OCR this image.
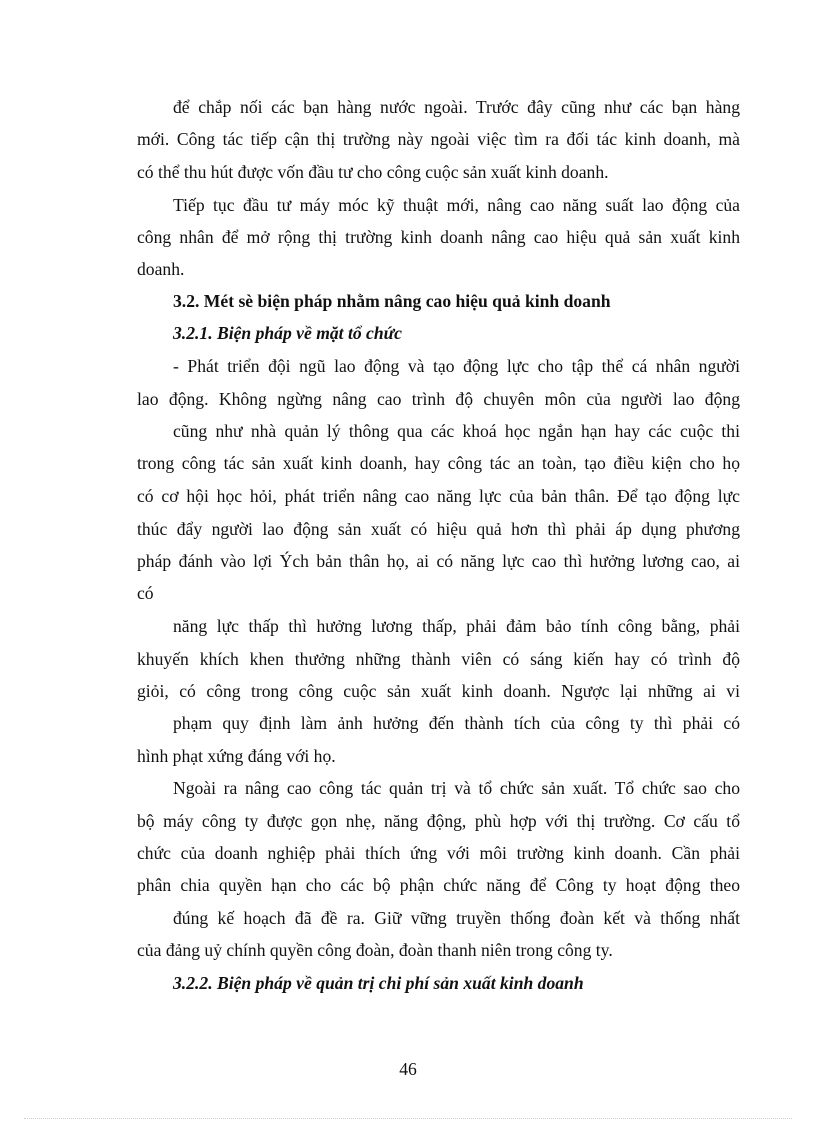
để chắp nối các bạn hàng nước ngoài. Trước đây cũng như các bạn hàng
mới. Công tác tiếp cận thị trường này ngoài việc tìm ra đối tác kinh doanh, mà
có thể thu hút được vốn đầu tư cho công cuộc sản xuất kinh doanh.
Tiếp tục đầu tư máy móc kỹ thuật mới, nâng cao năng suất lao động của
công nhân để mở rộng thị trường kinh doanh nâng cao hiệu quả sản xuất kinh
doanh.
3.2. Mét sè biện pháp nhằm nâng cao hiệu quả kinh doanh
3.2.1. Biện pháp về mặt tổ chức
- Phát triển đội ngũ lao động và tạo động lực cho tập thể cá nhân người
lao động. Không ngừng nâng cao trình độ chuyên môn của người lao động
cũng như nhà quản lý thông qua các khoá học ngắn hạn hay các cuộc thi
trong công tác sản xuất kinh doanh, hay công tác an toàn, tạo điều kiện cho họ
có cơ hội học hỏi, phát triển nâng cao năng lực của bản thân. Để tạo động lực
thúc đẩy người lao động sản xuất có hiệu quả hơn thì phải áp dụng phương
pháp đánh vào lợi Ých bản thân họ, ai có năng lực cao thì hưởng lương cao, ai
có
năng lực thấp thì hưởng lương thấp, phải đảm bảo tính công bằng, phải
khuyến khích khen thưởng những thành viên có sáng kiến hay có trình độ
giỏi, có công trong công cuộc sản xuất kinh doanh. Ngược lại những ai vi
phạm quy định làm ảnh hưởng đến thành tích của công ty thì phải có
hình phạt xứng đáng với họ.
Ngoài ra nâng cao công tác quản trị và tổ chức sản xuất. Tổ chức sao cho
bộ máy công ty được gọn nhẹ, năng động, phù hợp với thị trường. Cơ cấu tổ
chức của doanh nghiệp phải thích ứng với môi trường kinh doanh. Cần phải
phân chia quyền hạn cho các bộ phận chức năng để Công ty hoạt động theo
đúng kế hoạch đã đề ra. Giữ vững truyền thống đoàn kết và thống nhất
của đảng uỷ chính quyền công đoàn, đoàn thanh niên trong công ty.
3.2.2. Biện pháp về quản trị chi phí sản xuất kinh doanh
46
